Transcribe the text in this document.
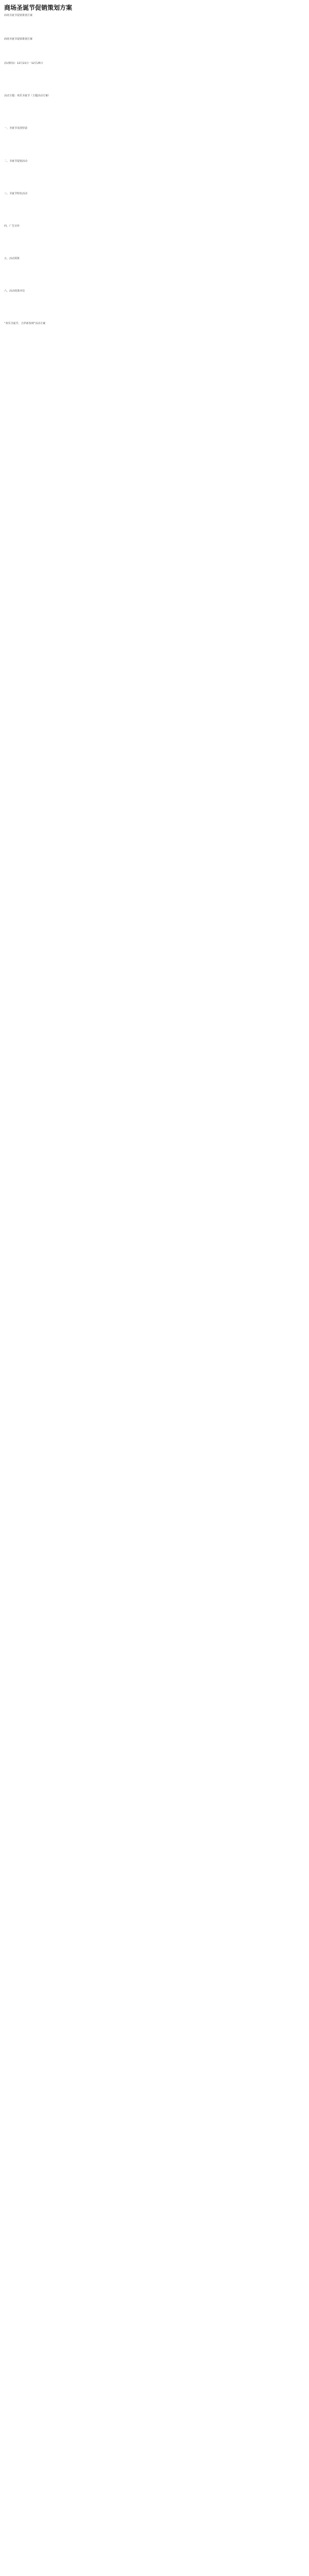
商场圣诞节促销策划方案
商场圣诞节促销策划方案

商场圣诞节促销策划方案

活动时间：12月21日一12月25日

活动主题：欢乐圣诞节（主题活动方案）

一、圣诞节氛围营造

二、圣诞节促销活动

三、圣诞节特色活动

四、广告宣传

五、活动预算

六、活动效果评估

“欢乐圣诞节，吉祥新春到”活动方案
